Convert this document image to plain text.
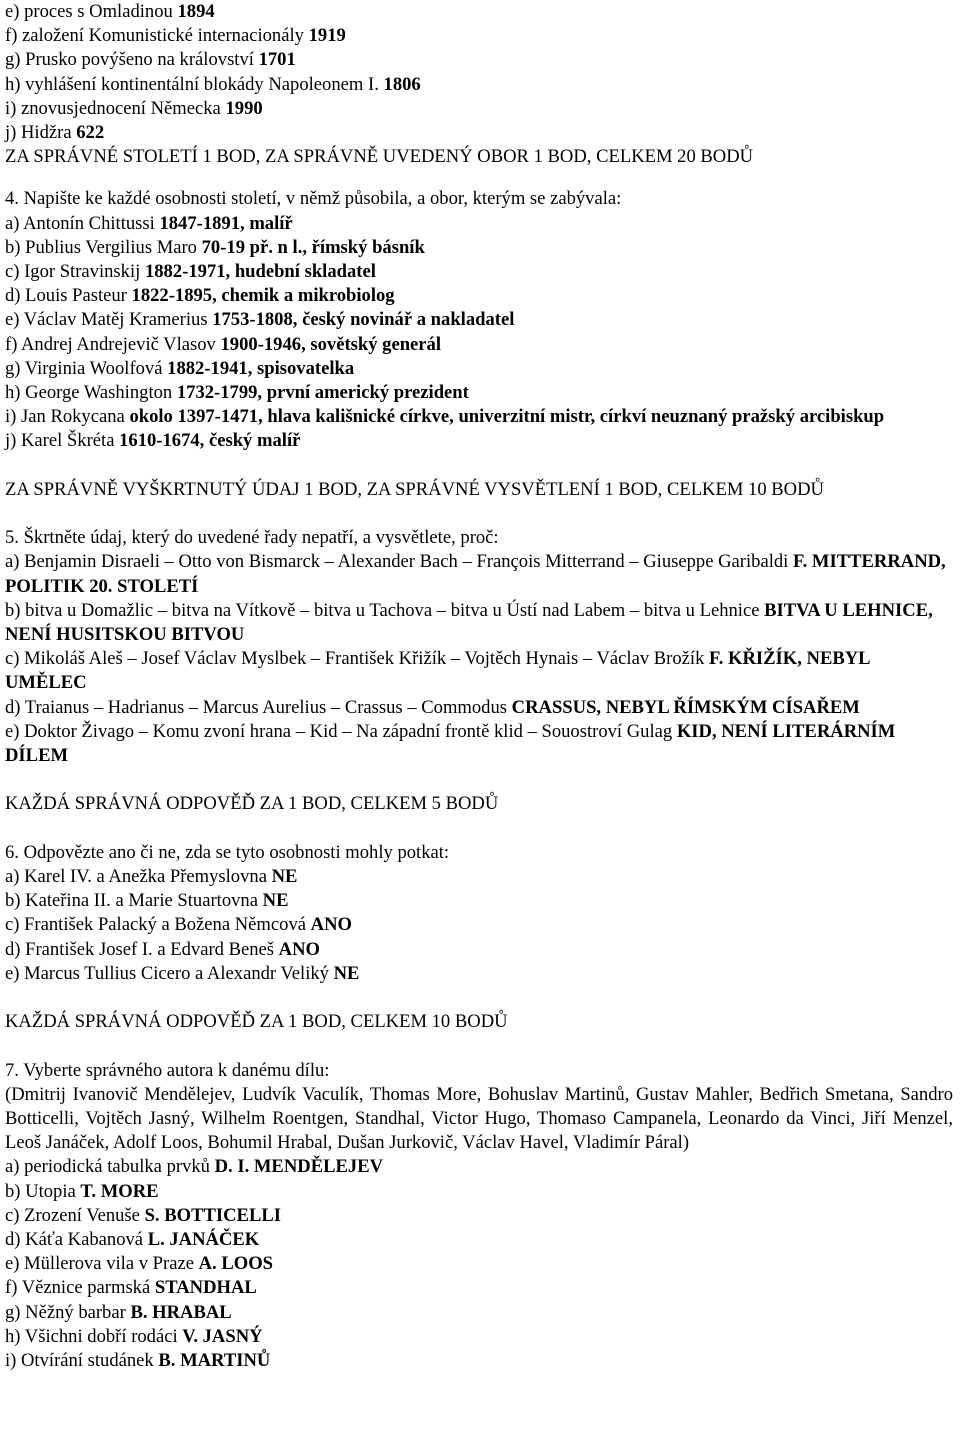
e) proces s Omladinou 1894
f) založení Komunistické internacionály 1919
g) Prusko povýšeno na království 1701
h) vyhlášení kontinentální blokády Napoleonem I. 1806
i) znovusjednocení Německa 1990
j) Hidžra 622
ZA SPRÁVNÉ STOLETÍ 1 BOD, ZA SPRÁVNĚ UVEDENÝ OBOR 1 BOD, CELKEM 20 BODŮ
4. Napište ke každé osobnosti století, v němž působila, a obor, kterým se zabývala:
a) Antonín Chittussi 1847-1891, malíř
b) Publius Vergilius Maro 70-19 př. n l., římský básník
c) Igor Stravinskij 1882-1971, hudební skladatel
d) Louis Pasteur 1822-1895, chemik a mikrobiolog
e) Václav Matěj Kramerius 1753-1808, český novinář a nakladatel
f) Andrej Andrejevič Vlasov 1900-1946, sovětský generál
g) Virginia Woolfová 1882-1941, spisovatelka
h) George Washington 1732-1799, první americký prezident
i) Jan Rokycana okolo 1397-1471, hlava kališnické církve, univerzitní mistr, církví neuznaný pražský arcibiskup
j) Karel Škréta 1610-1674, český malíř
ZA SPRÁVNĚ VYŠKRTNUTÝ ÚDAJ 1 BOD, ZA SPRÁVNÉ VYSVĚTLENÍ 1 BOD, CELKEM 10 BODŮ
5. Škrtněte údaj, který do uvedené řady nepatří, a vysvětlete, proč:
a) Benjamin Disraeli – Otto von Bismarck – Alexander Bach – François Mitterrand – Giuseppe Garibaldi F. MITTERRAND, POLITIK 20. STOLETÍ
b) bitva u Domažlic – bitva na Vítkově – bitva u Tachova – bitva u Ústí nad Labem – bitva u Lehnice BITVA U LEHNICE, NENÍ HUSITSKOU BITVOU
c) Mikoláš Aleš – Josef Václav Myslbek – František Křižík – Vojtěch Hynais – Václav Brožík F. KŘIŽÍK, NEBYL UMĚLEC
d) Traianus – Hadrianus – Marcus Aurelius – Crassus – Commodus CRASSUS, NEBYL ŘÍMSKÝM CÍSAŘEM
e) Doktor Živago – Komu zvoní hrana – Kid – Na západní frontě klid – Souostroví Gulag KID, NENÍ LITERÁRNÍM DÍLEM
KAŽDÁ SPRÁVNÁ ODPOVĚĎ ZA 1 BOD, CELKEM 5 BODŮ
6. Odpovězte ano či ne, zda se tyto osobnosti mohly potkat:
a) Karel IV. a Anežka Přemyslovna NE
b) Kateřina II. a Marie Stuartovna NE
c) František Palacký a Božena Němcová ANO
d) František Josef I. a Edvard Beneš ANO
e) Marcus Tullius Cicero a Alexandr Veliký NE
KAŽDÁ SPRÁVNÁ ODPOVĚĎ ZA 1 BOD, CELKEM 10 BODŮ
7. Vyberte správného autora k danému dílu:
(Dmitrij Ivanovič Mendělejev, Ludvík Vaculík, Thomas More, Bohuslav Martinů, Gustav Mahler, Bedřich Smetana, Sandro Botticelli, Vojtěch Jasný, Wilhelm Roentgen, Standhal, Victor Hugo, Thomaso Campanela, Leonardo da Vinci, Jiří Menzel, Leoš Janáček, Adolf Loos, Bohumil Hrabal, Dušan Jurkovič, Václav Havel, Vladimír Páral)
a) periodická tabulka prvků D. I. MENDĚLEJEV
b) Utopia T. MORE
c) Zrození Venuše S. BOTTICELLI
d) Káťa Kabanová L. JANÁČEK
e) Müllerova vila v Praze A. LOOS
f) Věznice parmská STANDHAL
g) Něžný barbar B. HRABAL
h) Všichni dobří rodáci V. JASNÝ
i) Otvírání studánek B. MARTINŮ
